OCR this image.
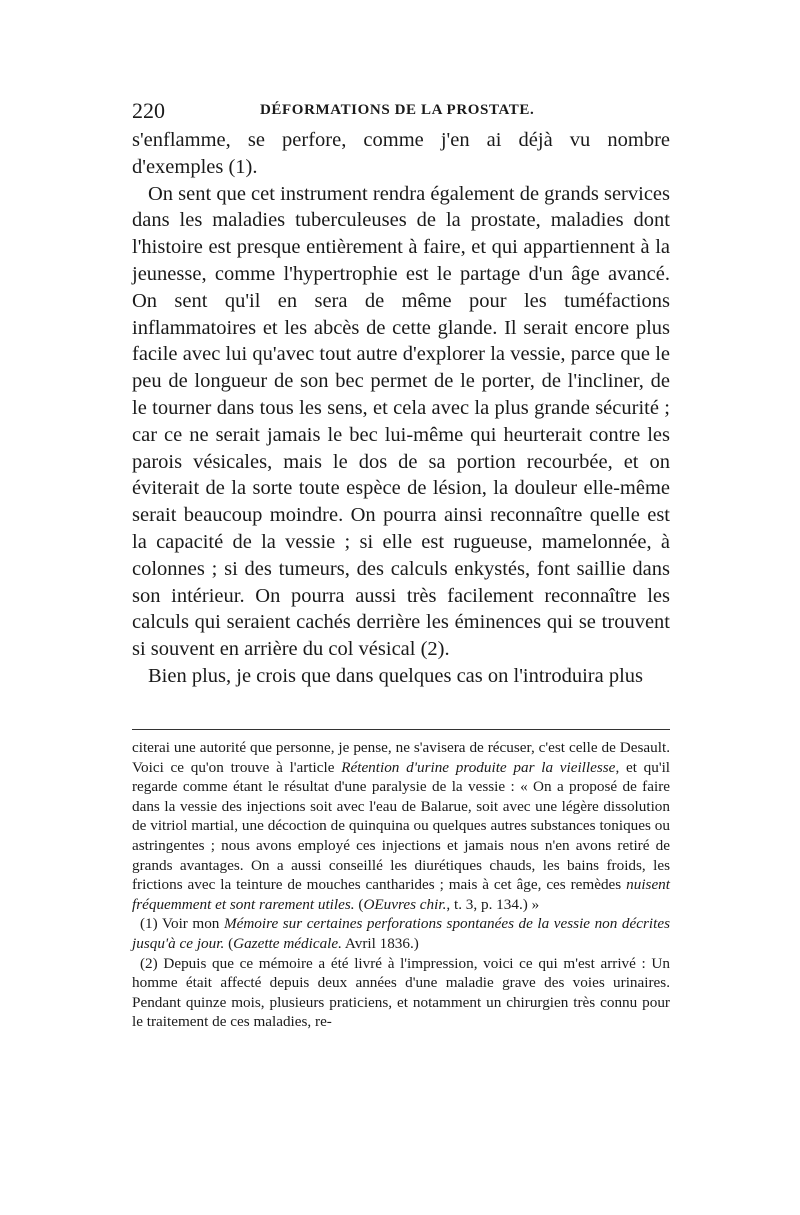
220	DÉFORMATIONS DE LA PROSTATE.

s'enflamme, se perfore, comme j'en ai déjà vu nombre d'exemples (1).

On sent que cet instrument rendra également de grands services dans les maladies tuberculeuses de la prostate, maladies dont l'histoire est presque entièrement à faire, et qui appartiennent à la jeunesse, comme l'hypertrophie est le partage d'un âge avancé. On sent qu'il en sera de même pour les tuméfactions inflammatoires et les abcès de cette glande. Il serait encore plus facile avec lui qu'avec tout autre d'explorer la vessie, parce que le peu de longueur de son bec permet de le porter, de l'incliner, de le tourner dans tous les sens, et cela avec la plus grande sécurité ; car ce ne serait jamais le bec lui-même qui heurterait contre les parois vésicales, mais le dos de sa portion recourbée, et on éviterait de la sorte toute espèce de lésion, la douleur elle-même serait beaucoup moindre. On pourra ainsi reconnaître quelle est la capacité de la vessie ; si elle est rugueuse, mamelonnée, à colonnes ; si des tumeurs, des calculs enkystés, font saillie dans son intérieur. On pourra aussi très facilement reconnaître les calculs qui seraient cachés derrière les éminences qui se trouvent si souvent en arrière du col vésical (2).

Bien plus, je crois que dans quelques cas on l'introduira plus

citerai une autorité que personne, je pense, ne s'avisera de récuser, c'est celle de Desault. Voici ce qu'on trouve à l'article Rétention d'urine produite par la vieillesse, et qu'il regarde comme étant le résultat d'une paralysie de la vessie : « On a proposé de faire dans la vessie des injections soit avec l'eau de Balarue, soit avec une légère dissolution de vitriol martial, une décoction de quinquina ou quelques autres substances toniques ou astringentes ; nous avons employé ces injections et jamais nous n'en avons retiré de grands avantages. On a aussi conseillé les diurétiques chauds, les bains froids, les frictions avec la teinture de mouches cantharides ; mais à cet âge, ces remèdes nuisent fréquemment et sont rarement utiles. (OEuvres chir., t. 3, p. 134.) »

(1) Voir mon Mémoire sur certaines perforations spontanées de la vessie non décrites jusqu'à ce jour. (Gazette médicale. Avril 1836.)

(2) Depuis que ce mémoire a été livré à l'impression, voici ce qui m'est arrivé : Un homme était affecté depuis deux années d'une maladie grave des voies urinaires. Pendant quinze mois, plusieurs praticiens, et notamment un chirurgien très connu pour le traitement de ces maladies, re-
